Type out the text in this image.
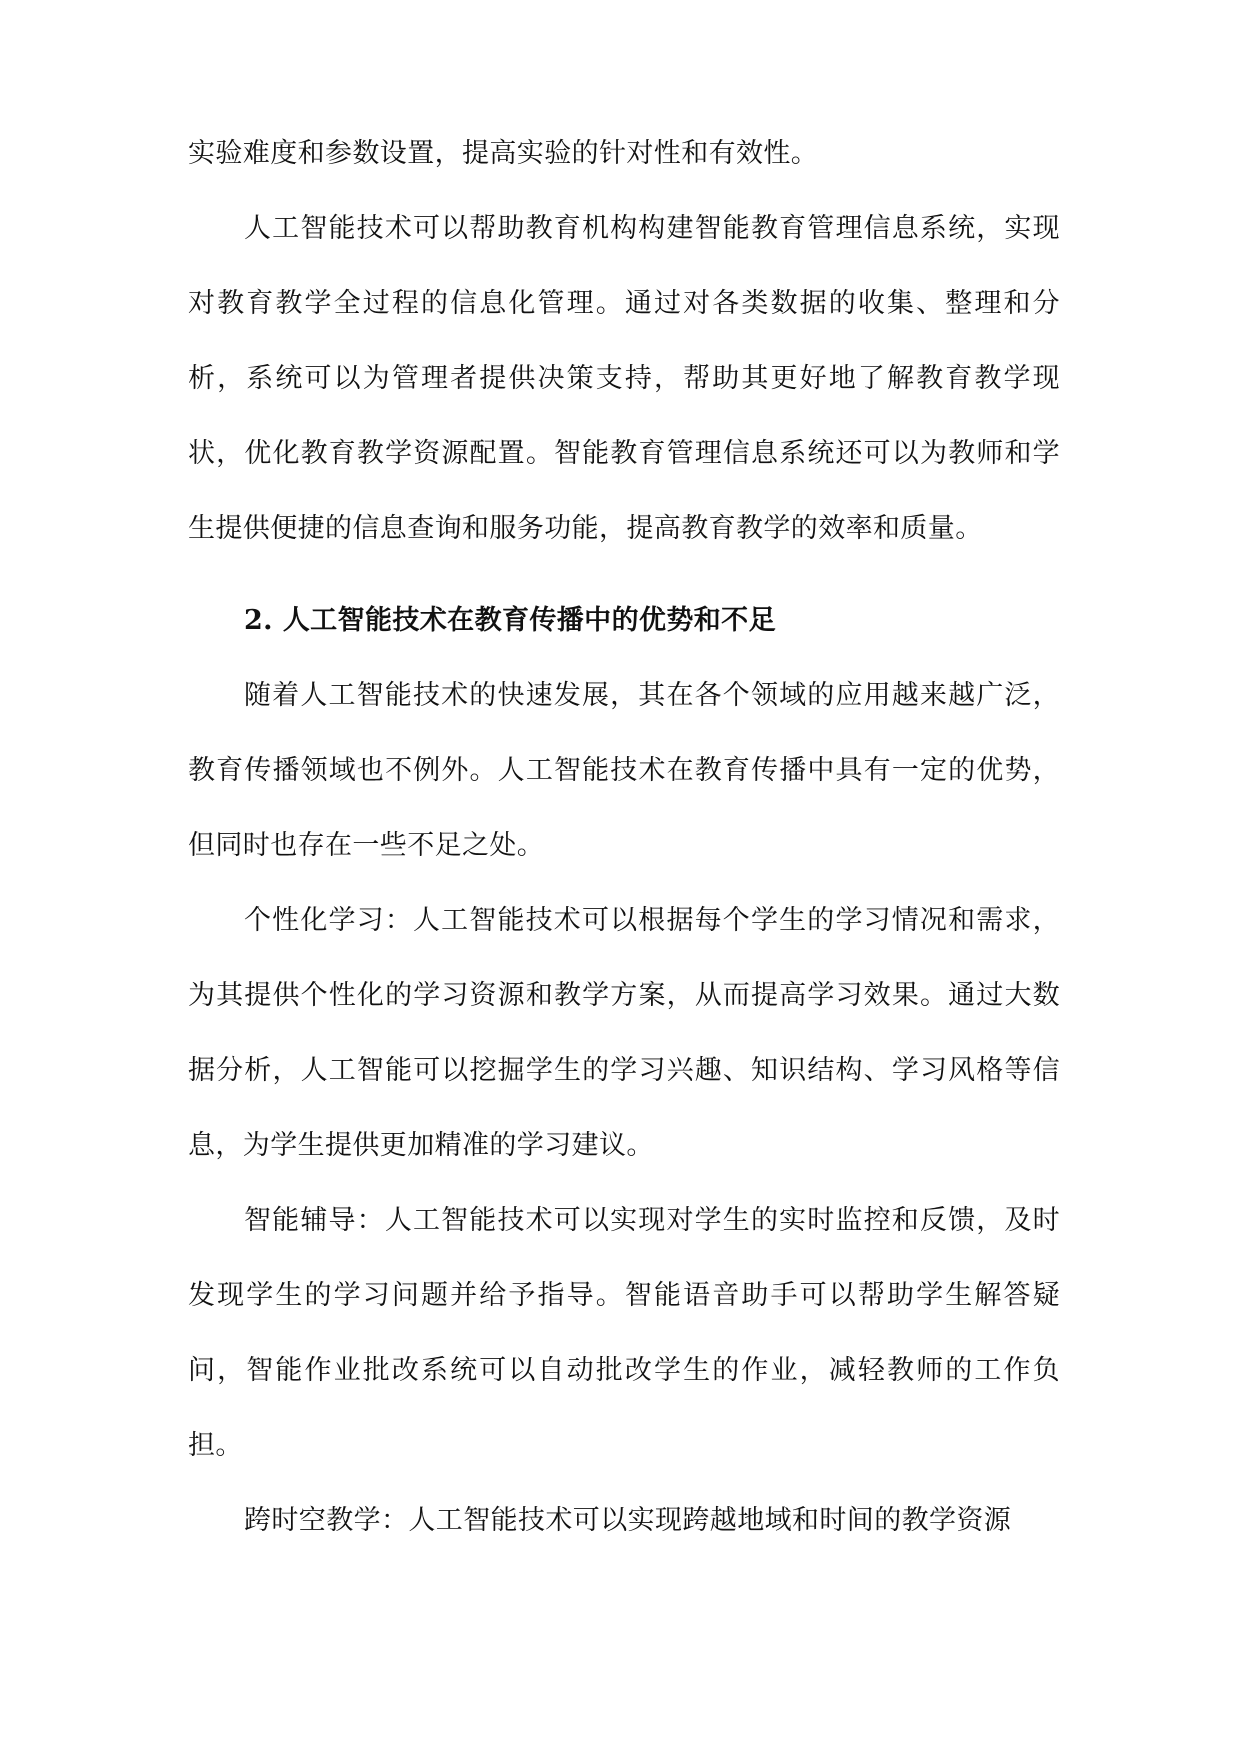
实验难度和参数设置，提高实验的针对性和有效性。

人工智能技术可以帮助教育机构构建智能教育管理信息系统，实现对教育教学全过程的信息化管理。通过对各类数据的收集、整理和分析，系统可以为管理者提供决策支持，帮助其更好地了解教育教学现状，优化教育教学资源配置。智能教育管理信息系统还可以为教师和学生提供便捷的信息查询和服务功能，提高教育教学的效率和质量。

2. 人工智能技术在教育传播中的优势和不足

随着人工智能技术的快速发展，其在各个领域的应用越来越广泛，教育传播领域也不例外。人工智能技术在教育传播中具有一定的优势，但同时也存在一些不足之处。

个性化学习：人工智能技术可以根据每个学生的学习情况和需求，为其提供个性化的学习资源和教学方案，从而提高学习效果。通过大数据分析，人工智能可以挖掘学生的学习兴趣、知识结构、学习风格等信息，为学生提供更加精准的学习建议。

智能辅导：人工智能技术可以实现对学生的实时监控和反馈，及时发现学生的学习问题并给予指导。智能语音助手可以帮助学生解答疑问，智能作业批改系统可以自动批改学生的作业，减轻教师的工作负担。

跨时空教学：人工智能技术可以实现跨越地域和时间的教学资源
